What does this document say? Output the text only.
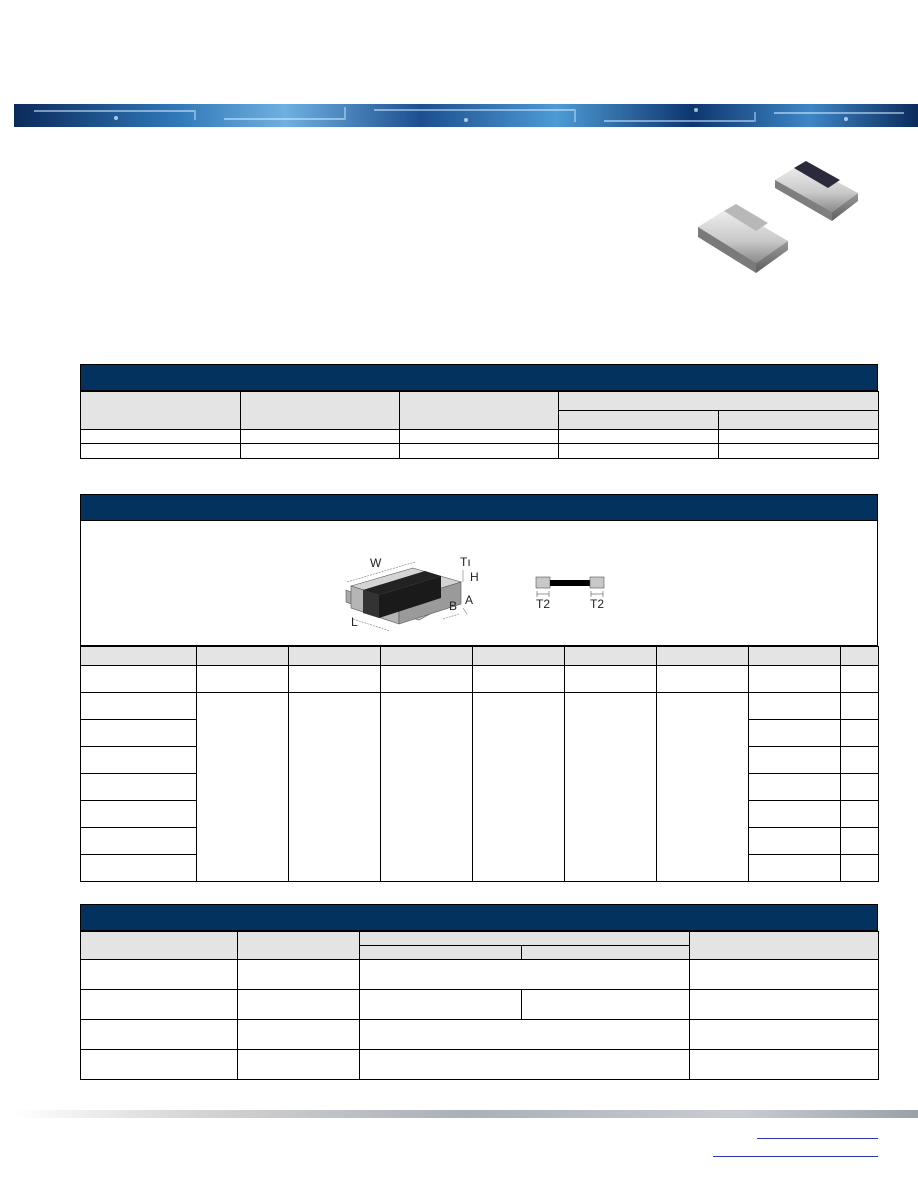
W	Tı
H
A
B
L
T2	T2
